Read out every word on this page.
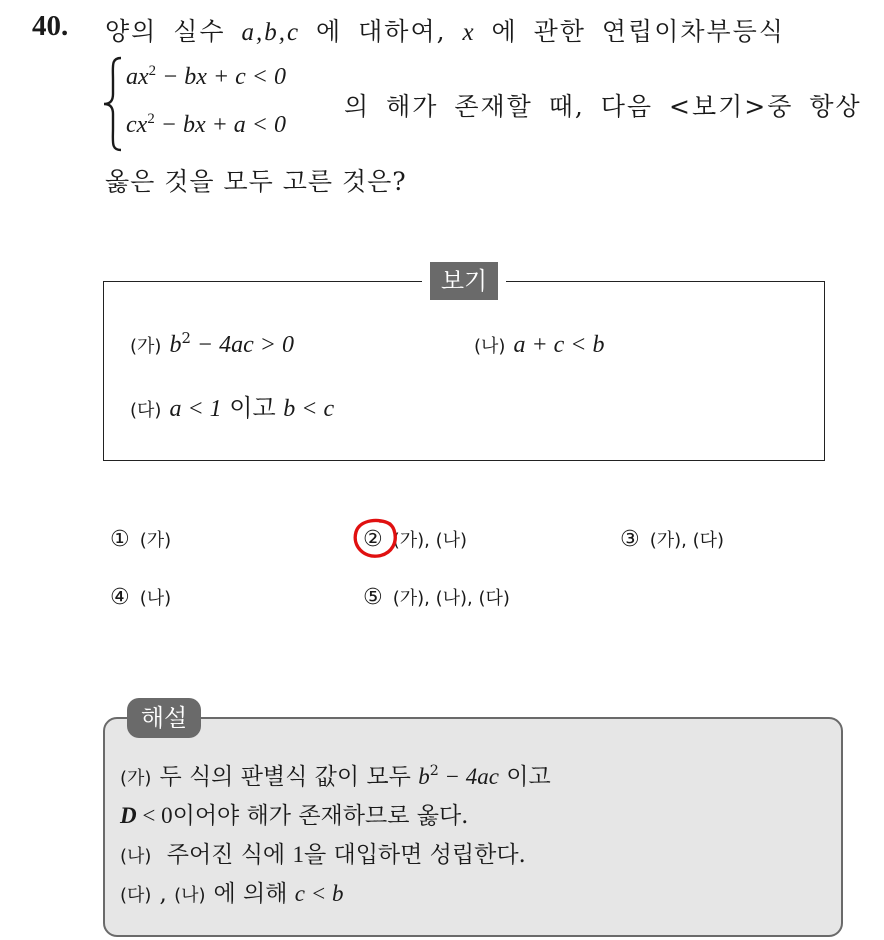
40. 양의 실수 a,b,c 에 대하여, x 에 관한 연립이차부등식
$ax^2$ − bx + c < 0
$cx^2$ − bx + a < 0
의 해가 존재할 때, 다음 <보기>중 항상
옳은 것을 모두 고른 것은?
보기
(가) $b^2 - 4ac > 0$	(나) a + c < b
(다) a < 1 이고 b < c
① (가)	② (가), (나)	③ (가), (다)
④ (나)	⑤ (가), (나), (다)
해설
(가) 두 식의 판별식 값이 모두 $b^2 - 4ac$ 이고
D < 0이어야 해가 존재하므로 옳다.
(나) 주어진 식에 1을 대입하면 성립한다.
(다) , (나) 에 의해 c < b
